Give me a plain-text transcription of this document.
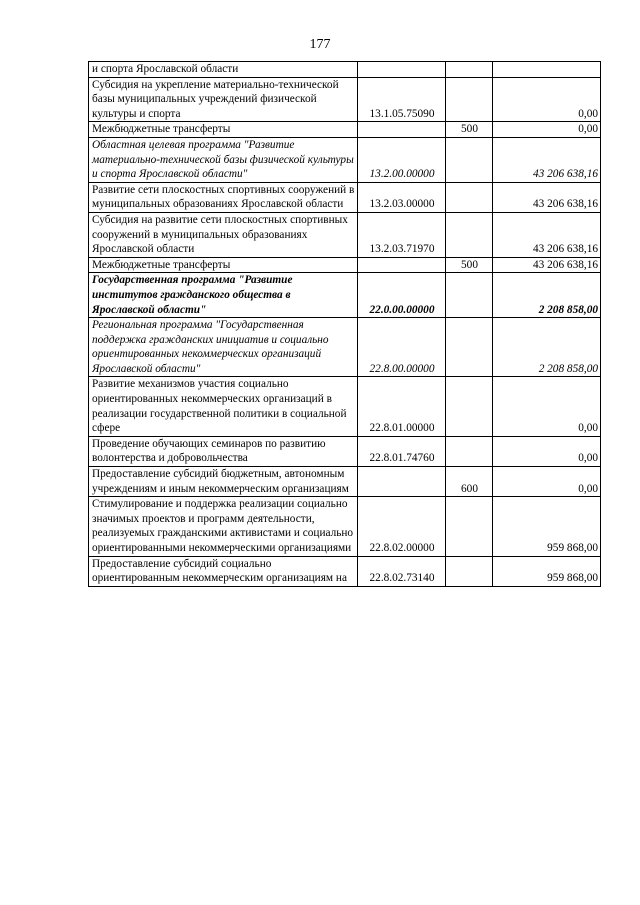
177
и спорта Ярославской области			
Субсидия на укрепление материально-технической базы муниципальных учреждений физической культуры и спорта	13.1.05.75090		0,00
Межбюджетные трансферты		500	0,00
Областная целевая программа "Развитие материально-технической базы физической культуры и спорта Ярославской области"	13.2.00.00000		43 206 638,16
Развитие сети плоскостных спортивных сооружений в муниципальных образованиях Ярославской области	13.2.03.00000		43 206 638,16
Субсидия на развитие сети плоскостных спортивных сооружений в муниципальных образованиях Ярославской области	13.2.03.71970		43 206 638,16
Межбюджетные трансферты		500	43 206 638,16
Государственная программа "Развитие институтов гражданского общества в Ярославской области"	22.0.00.00000		2 208 858,00
Региональная программа "Государственная поддержка гражданских инициатив и социально ориентированных некоммерческих организаций Ярославской области"	22.8.00.00000		2 208 858,00
Развитие механизмов участия социально ориентированных некоммерческих организаций в реализации государственной политики в социальной сфере	22.8.01.00000		0,00
Проведение обучающих семинаров по развитию волонтерства и добровольчества	22.8.01.74760		0,00
Предоставление субсидий бюджетным, автономным учреждениям и иным некоммерческим организациям		600	0,00
Стимулирование и поддержка реализации социально значимых проектов и программ деятельности, реализуемых гражданскими активистами и социально ориентированными некоммерческими организациями	22.8.02.00000		959 868,00
Предоставление субсидий социально ориентированным некоммерческим организациям на	22.8.02.73140		959 868,00
